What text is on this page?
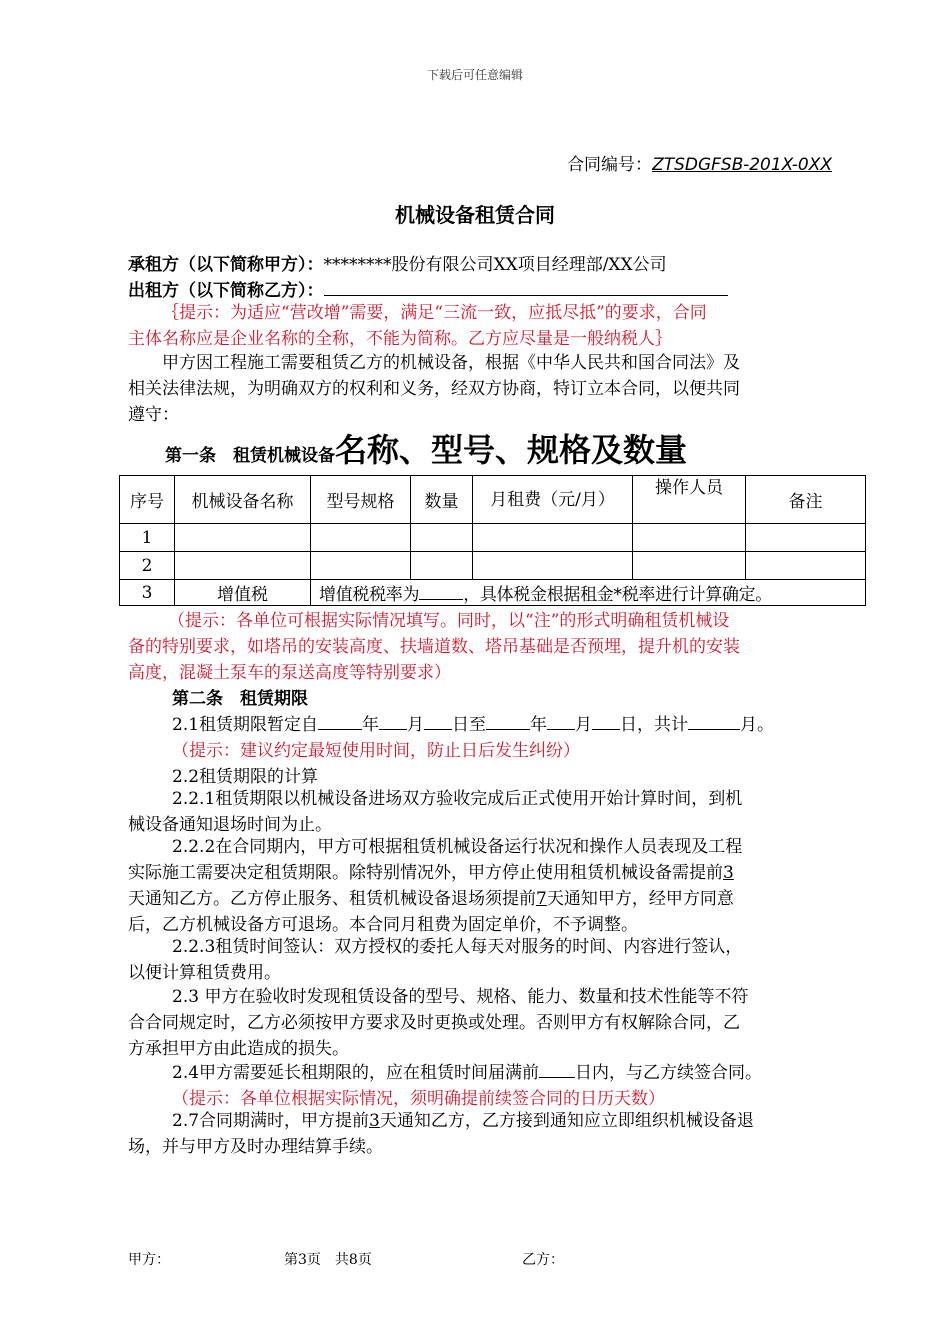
下载后可任意编辑
合同编号：ZTSDGFSB-201X-0XX
机械设备租赁合同
承租方（以下简称甲方）：********股份有限公司XX项目经理部/XX公司
出租方（以下简称乙方）：
｛提示：为适应“营改增”需要，满足“三流一致，应抵尽抵”的要求，合同
主体名称应是企业名称的全称，不能为简称。乙方应尽量是一般纳税人｝
甲方因工程施工需要租赁乙方的机械设备，根据《中华人民共和国合同法》及
相关法律法规，为明确双方的权利和义务，经双方协商，特订立本合同，以便共同
遵守：
第一条　租赁机械设备名称、型号、规格及数量
序号	机械设备名称	型号规格	数量	月租费（元/月）	操作人员	备注
1						
2						
3	增值税	增值税税率为 ，具体税金根据租金*税率进行计算确定。				
（提示：各单位可根据实际情况填写。同时，以“注”的形式明确租赁机械设
备的特别要求，如塔吊的安装高度、扶墙道数、塔吊基础是否预埋，提升机的安装
高度，混凝土泵车的泵送高度等特别要求）
第二条　租赁期限
2.1租赁期限暂定自	年 月 日至	年 月 日，共计	月。
（提示：建议约定最短使用时间，防止日后发生纠纷）
2.2租赁期限的计算
2.2.1租赁期限以机械设备进场双方验收完成后正式使用开始计算时间，到机
械设备通知退场时间为止。
2.2.2在合同期内，甲方可根据租赁机械设备运行状况和操作人员表现及工程
实际施工需要决定租赁期限。除特别情况外，甲方停止使用租赁机械设备需提前3
天通知乙方。乙方停止服务、租赁机械设备退场须提前7天通知甲方，经甲方同意
后，乙方机械设备方可退场。本合同月租费为固定单价，不予调整。
2.2.3租赁时间签认：双方授权的委托人每天对服务的时间、内容进行签认，
以便计算租赁费用。
2.3 甲方在验收时发现租赁设备的型号、规格、能力、数量和技术性能等不符
合合同规定时，乙方必须按甲方要求及时更换或处理。否则甲方有权解除合同，乙
方承担甲方由此造成的损失。
2.4甲方需要延长租期限的，应在租赁时间届满前 日内，与乙方续签合同。
（提示：各单位根据实际情况，须明确提前续签合同的日历天数）
2.7合同期满时，甲方提前3天通知乙方，乙方接到通知应立即组织机械设备退
场，并与甲方及时办理结算手续。
甲方：	第3页　共8页	乙方：
